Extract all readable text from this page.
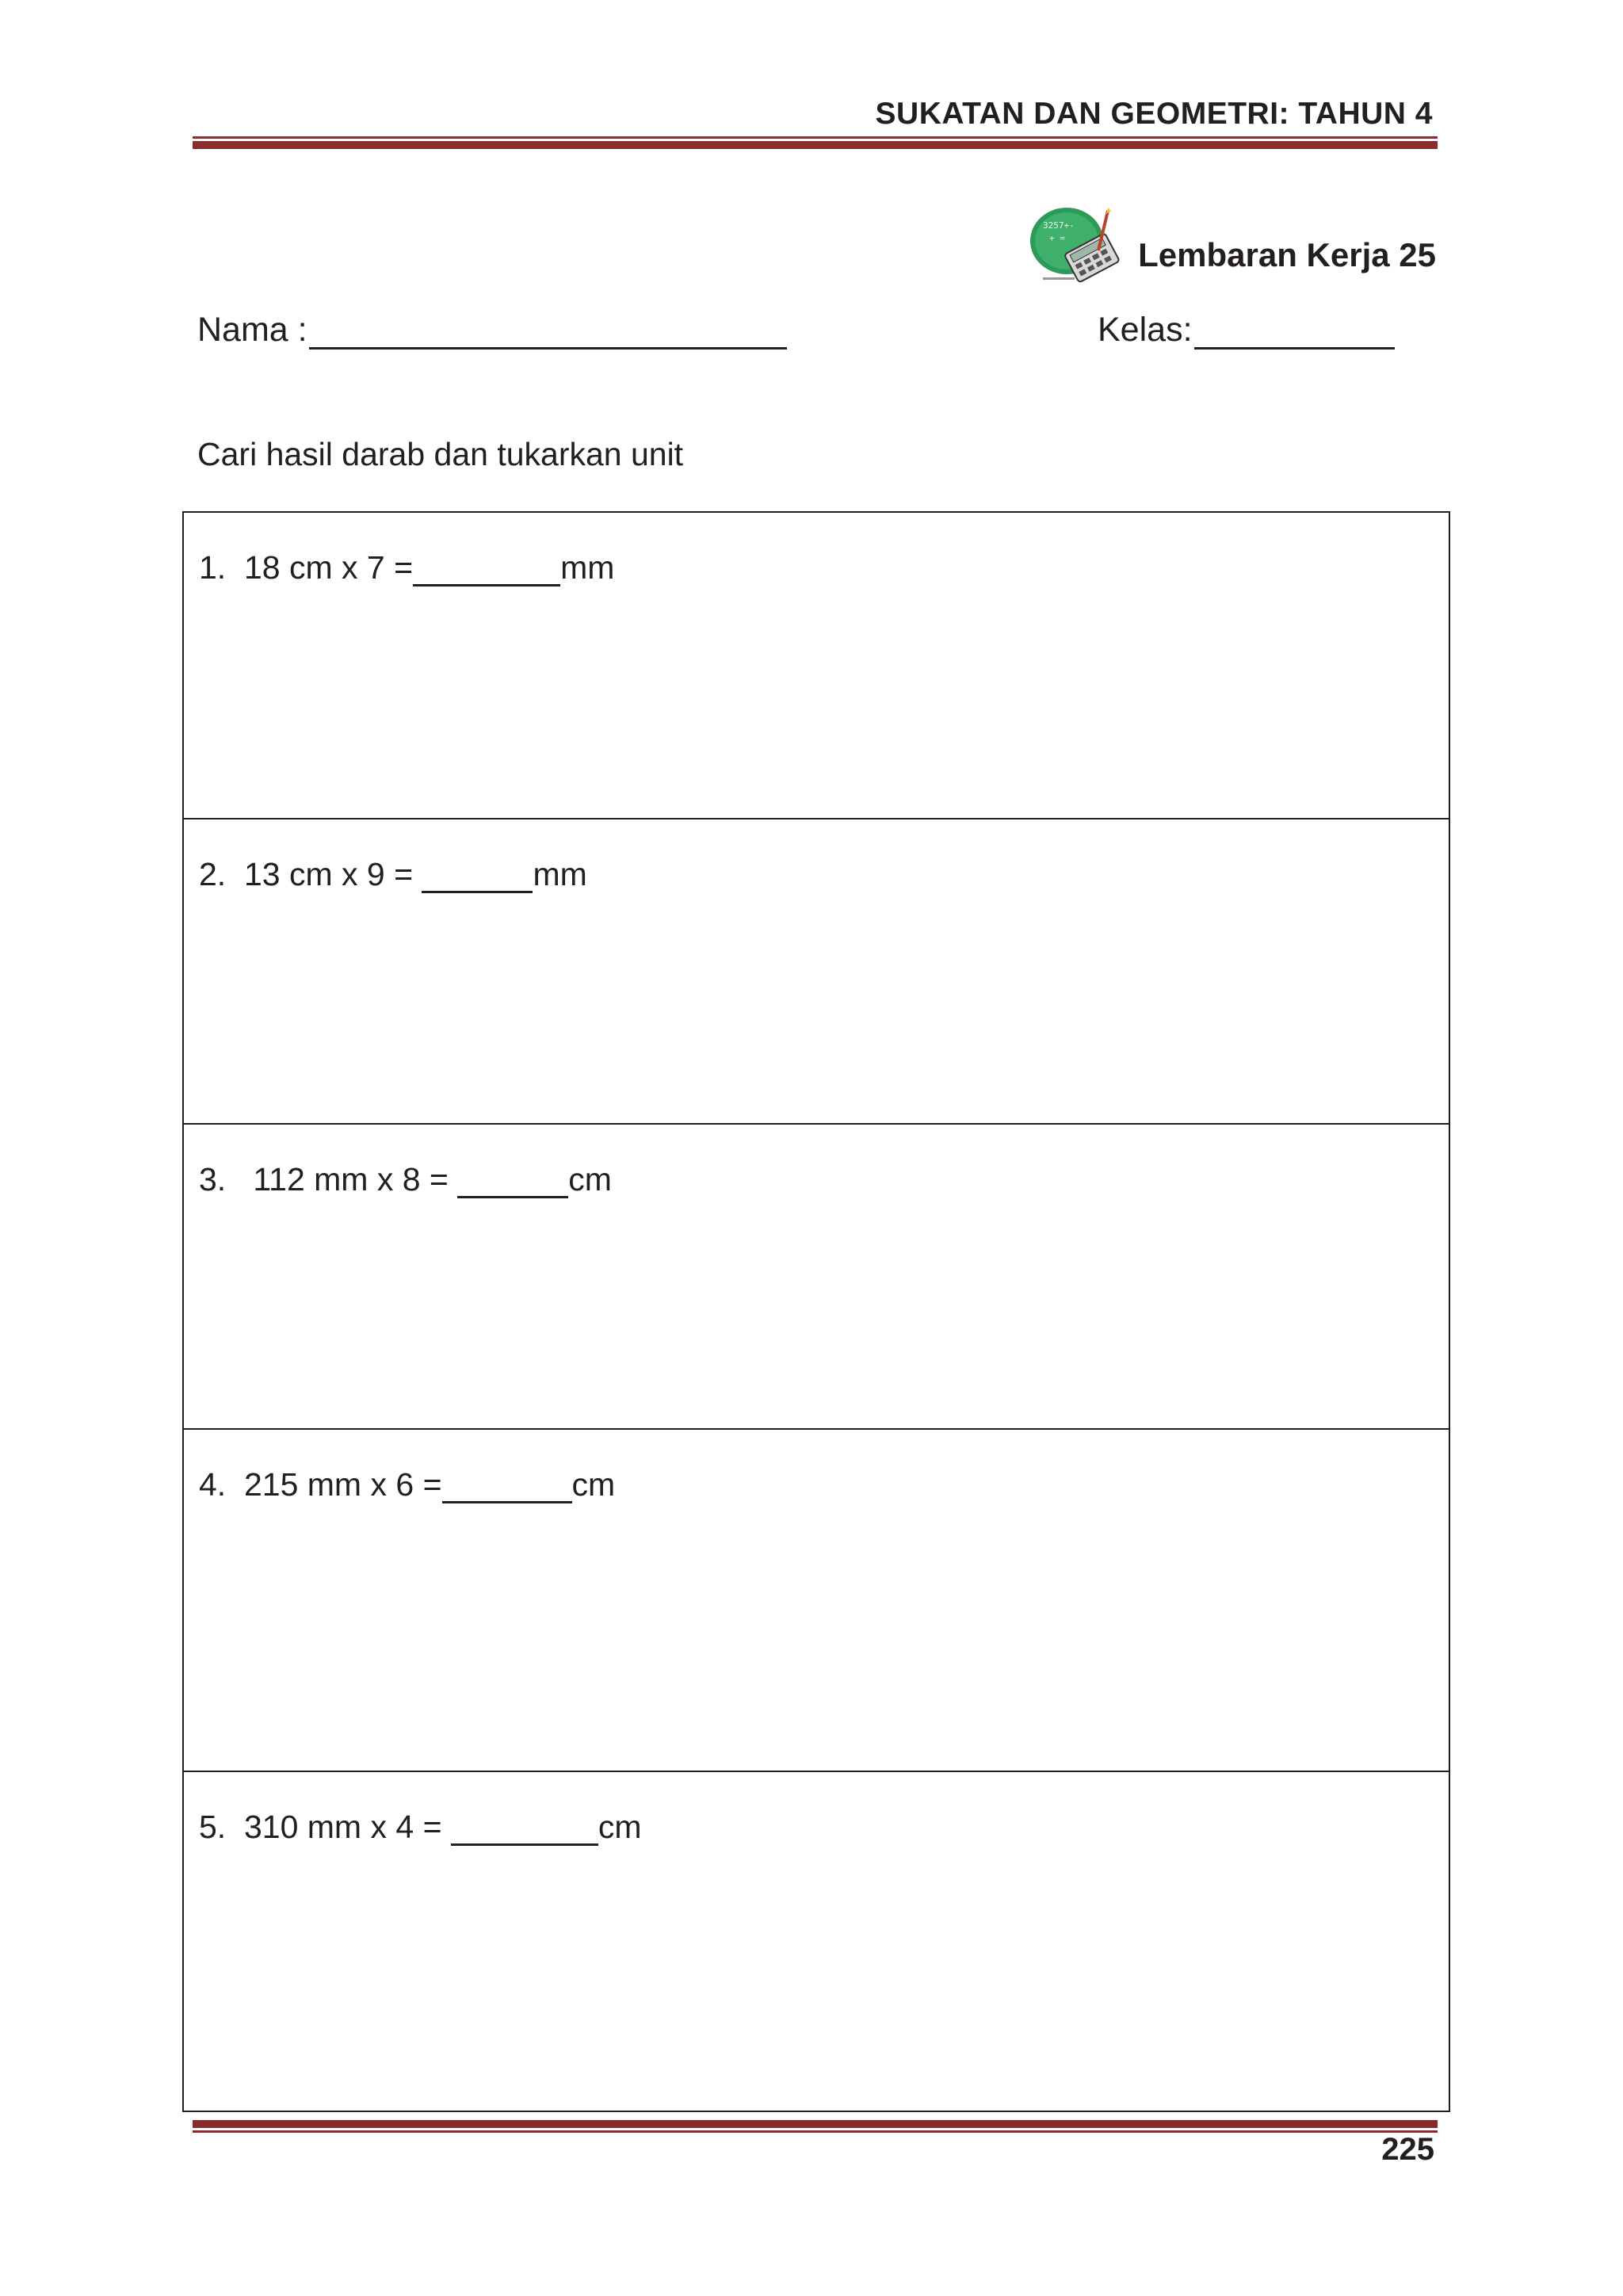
SUKATAN DAN GEOMETRI: TAHUN 4
3257+-
+ = Lembaran Kerja 25
Nama :	Kelas:
Cari hasil darab dan tukarkan unit
1. 18 cm x 7 =	mm
2. 13 cm x 9 =	mm
3. 112 mm x 8 =	cm
4. 215 mm x 6 =	cm
5. 310 mm x 4 =	cm
225
